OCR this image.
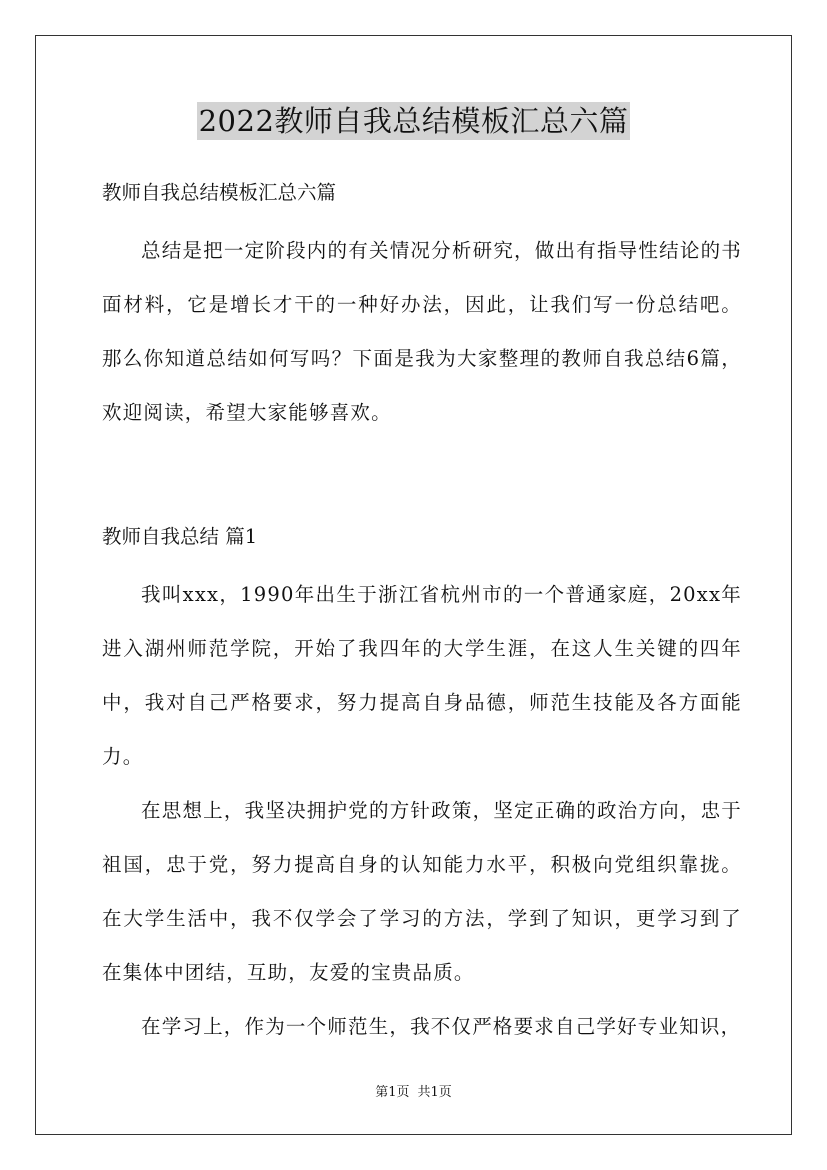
2022教师自我总结模板汇总六篇

教师自我总结模板汇总六篇

总结是把一定阶段内的有关情况分析研究，做出有指导性结论的书面材料，它是增长才干的一种好办法，因此，让我们写一份总结吧。那么你知道总结如何写吗？下面是我为大家整理的教师自我总结6篇，欢迎阅读，希望大家能够喜欢。

教师自我总结 篇1

我叫xxx，1990年出生于浙江省杭州市的一个普通家庭，20xx年进入湖州师范学院，开始了我四年的大学生涯，在这人生关键的四年中，我对自己严格要求，努力提高自身品德，师范生技能及各方面能力。

在思想上，我坚决拥护党的方针政策，坚定正确的政治方向，忠于祖国，忠于党，努力提高自身的认知能力水平，积极向党组织靠拢。在大学生活中，我不仅学会了学习的方法，学到了知识，更学习到了在集体中团结，互助，友爱的宝贵品质。

在学习上，作为一个师范生，我不仅严格要求自己学好专业知识，

第1页 共1页
